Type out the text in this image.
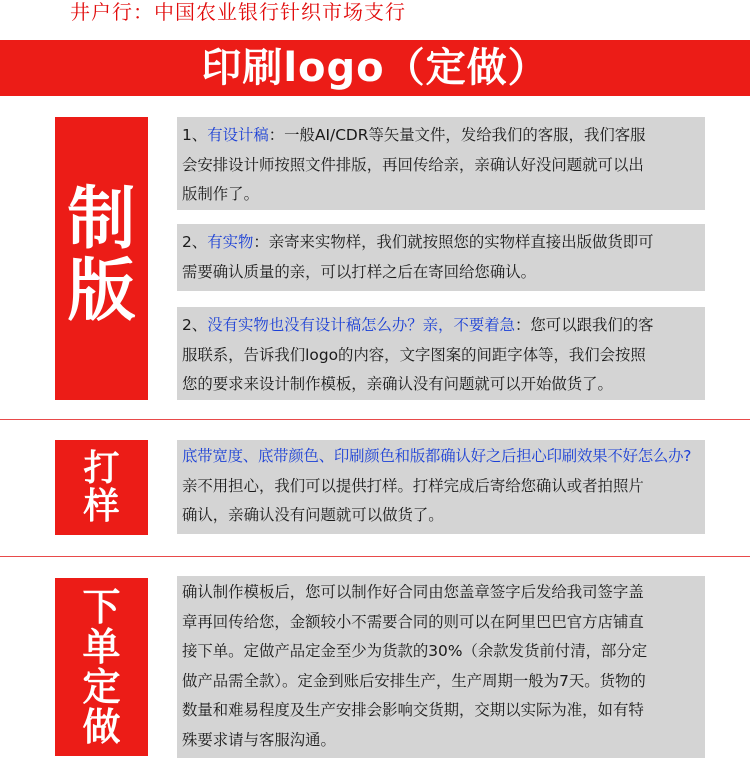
井户行：中国农业银行针织市场支行
印刷logo（定做）
制
版
1、有设计稿：一般AI/CDR等矢量文件，发给我们的客服，我们客服
会安排设计师按照文件排版，再回传给亲，亲确认好没问题就可以出
版制作了。
2、有实物：亲寄来实物样，我们就按照您的实物样直接出版做货即可
需要确认质量的亲，可以打样之后在寄回给您确认。
2、没有实物也没有设计稿怎么办？亲，不要着急：您可以跟我们的客
服联系，告诉我们logo的内容，文字图案的间距字体等，我们会按照
您的要求来设计制作模板，亲确认没有问题就可以开始做货了。
打
样
底带宽度、底带颜色、印刷颜色和版都确认好之后担心印刷效果不好怎么办?
亲不用担心，我们可以提供打样。打样完成后寄给您确认或者拍照片
确认，亲确认没有问题就可以做货了。
下
单
定
做
确认制作模板后，您可以制作好合同由您盖章签字后发给我司签字盖
章再回传给您，金额较小不需要合同的则可以在阿里巴巴官方店铺直
接下单。定做产品定金至少为货款的30%（余款发货前付清，部分定
做产品需全款）。定金到账后安排生产，生产周期一般为7天。货物的
数量和难易程度及生产安排会影响交货期，交期以实际为准，如有特
殊要求请与客服沟通。
